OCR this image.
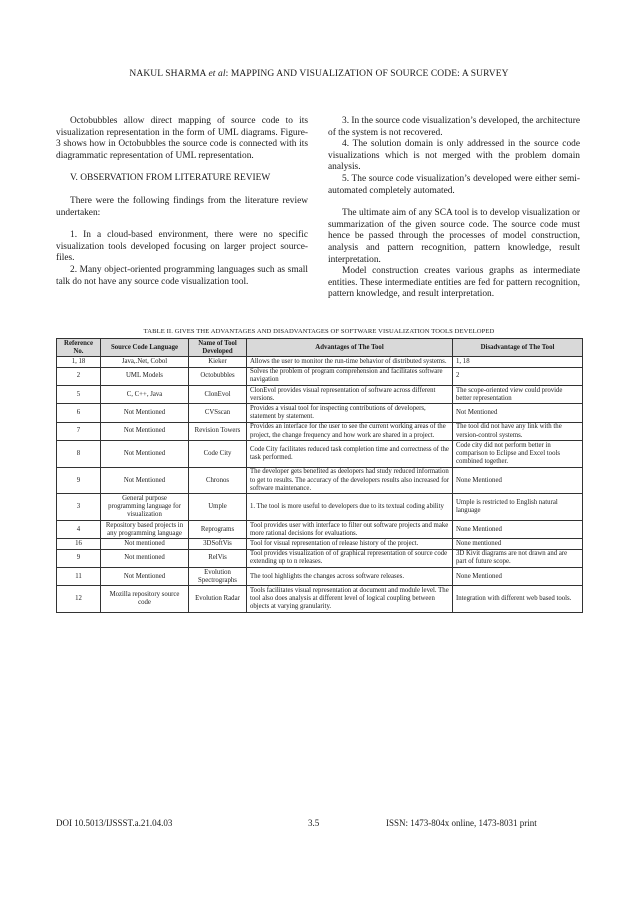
NAKUL SHARMA et al: MAPPING AND VISUALIZATION OF SOURCE CODE: A SURVEY

Octobubbles allow direct mapping of source code to its visualization representation in the form of UML diagrams. Figure-3 shows how in Octobubbles the source code is connected with its diagrammatic representation of UML representation.

V. OBSERVATION FROM LITERATURE REVIEW

There were the following findings from the literature review undertaken:

1. In a cloud-based environment, there were no specific visualization tools developed focusing on larger project source-files.

2. Many object-oriented programming languages such as small talk do not have any source code visualization tool.

3. In the source code visualization’s developed, the architecture of the system is not recovered.

4. The solution domain is only addressed in the source code visualizations which is not merged with the problem domain analysis.

5. The source code visualization’s developed were either semi-automated completely automated.

The ultimate aim of any SCA tool is to develop visualization or summarization of the given source code. The source code must hence be passed through the processes of model construction, analysis and pattern recognition, pattern knowledge, result interpretation.

Model construction creates various graphs as intermediate entities. These intermediate entities are fed for pattern recognition, pattern knowledge, and result interpretation.

TABLE II. GIVES THE ADVANTAGES AND DISADVANTAGES OF SOFTWARE VISUALIZATION TOOLS DEVELOPED
Reference No.	Source Code Language	Name of Tool Developed	Advantages of The Tool	Disadvantage of The Tool
1, 18	Java,.Net, Cobol	Kieker	Allows the user to monitor the run-time behavior of distributed systems.	1, 18
2	UML Models	Octobubbles	Solves the problem of program comprehension and facilitates software navigation	2
5	C, C++, Java	ClonEvol	ClonEvol provides visual representation of software across different versions.	The scope-oriented view could provide better representation
6	Not Mentioned	CVSscan	Provides a visual tool for inspecting contributions of developers, statement by statement.	Not Mentioned
7	Not Mentioned	Revision Towers	Provides an interface for the user to see the current working areas of the project, the change frequency and how work are shared in a project.	The tool did not have any link with the version-control systems.
8	Not Mentioned	Code City	Code City facilitates reduced task completion time and correctness of the task performed.	Code city did not perform better in comparison to Eclipse and Excel tools combined together.
9	Not Mentioned	Chronos	The developer gets benefited as deelopers had study reduced information to get to results. The accuracy of the developers results also increased for software maintenance.	None Mentioned
3	General purpose programming language for visualization	Umple	1. The tool is more useful to developers due to its textual coding ability	Umple is restricted to English natural language
4	Repository based projects in any programming language	Reprograms	Tool provides user with interface to filter out software projects and make more rational decisions for evaluations.	None Mentioned
16	Not mentioned	3DSoftVis	Tool for visual representation of release history of the project.	None mentioned
9	Not mentioned	RelVis	Tool provides visualization of of graphical representation of source code extending up to n releases.	3D Kivit diagrams are not drawn and are part of future scope.
11	Not Mentioned	Evolution Spectrographs	The tool highlights the changes across software releases.	None Mentioned
12	Mozilla repository source code	Evolution Radar	Tools facilitates visual representation at document and module level. The tool also does analysis at different level of logical coupling between objects at varying granularity.	Integration with different web based tools.
DOI 10.5013/IJSSST.a.21.04.03	3.5	ISSN: 1473-804x online, 1473-8031 print
